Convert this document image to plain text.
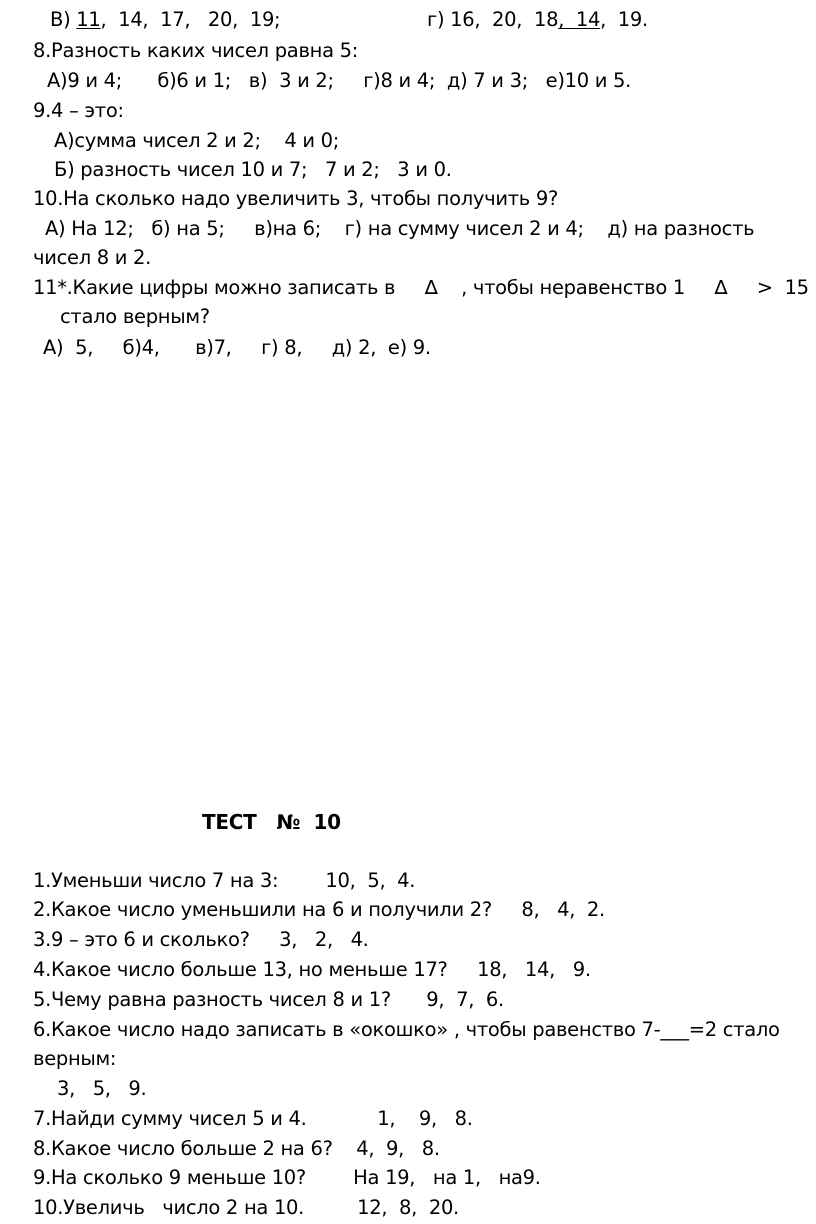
В) 11,  14,  17,   20,  19;	г) 16,  20,  18,  14,  19.
8.Разность каких чисел равна 5:
А)9 и 4;      б)6 и 1;   в)  3 и 2;     г)8 и 4;  д) 7 и 3;   е)10 и 5.
9.4 – это:
А)сумма чисел 2 и 2;    4 и 0;
Б) разность чисел 10 и 7;   7 и 2;   3 и 0.
10.На сколько надо увеличить 3, чтобы получить 9?
А) На 12;   б) на 5;     в)на 6;    г) на сумму чисел 2 и 4;    д) на разность
чисел 8 и 2.
11*.Какие цифры можно записать в     ∆    , чтобы неравенство 1     ∆     >  15
стало верным?
А)  5,     б)4,      в)7,     г) 8,     д) 2,  е) 9.
ТЕСТ   №  10
1.Уменьши число 7 на 3:        10,  5,  4.
2.Какое число уменьшили на 6 и получили 2?     8,   4,  2.
3.9 – это 6 и сколько?     3,   2,   4.
4.Какое число больше 13, но меньше 17?     18,   14,   9.
5.Чему равна разность чисел 8 и 1?      9,  7,  6.
6.Какое число надо записать в «окошко» , чтобы равенство 7-___=2 стало
верным:
3,   5,   9.
7.Найди сумму чисел 5 и 4.            1,    9,   8.
8.Какое число больше 2 на 6?    4,  9,   8.
9.На сколько 9 меньше 10?        На 19,   на 1,   на9.
10.Увеличь   число 2 на 10.         12,  8,  20.
